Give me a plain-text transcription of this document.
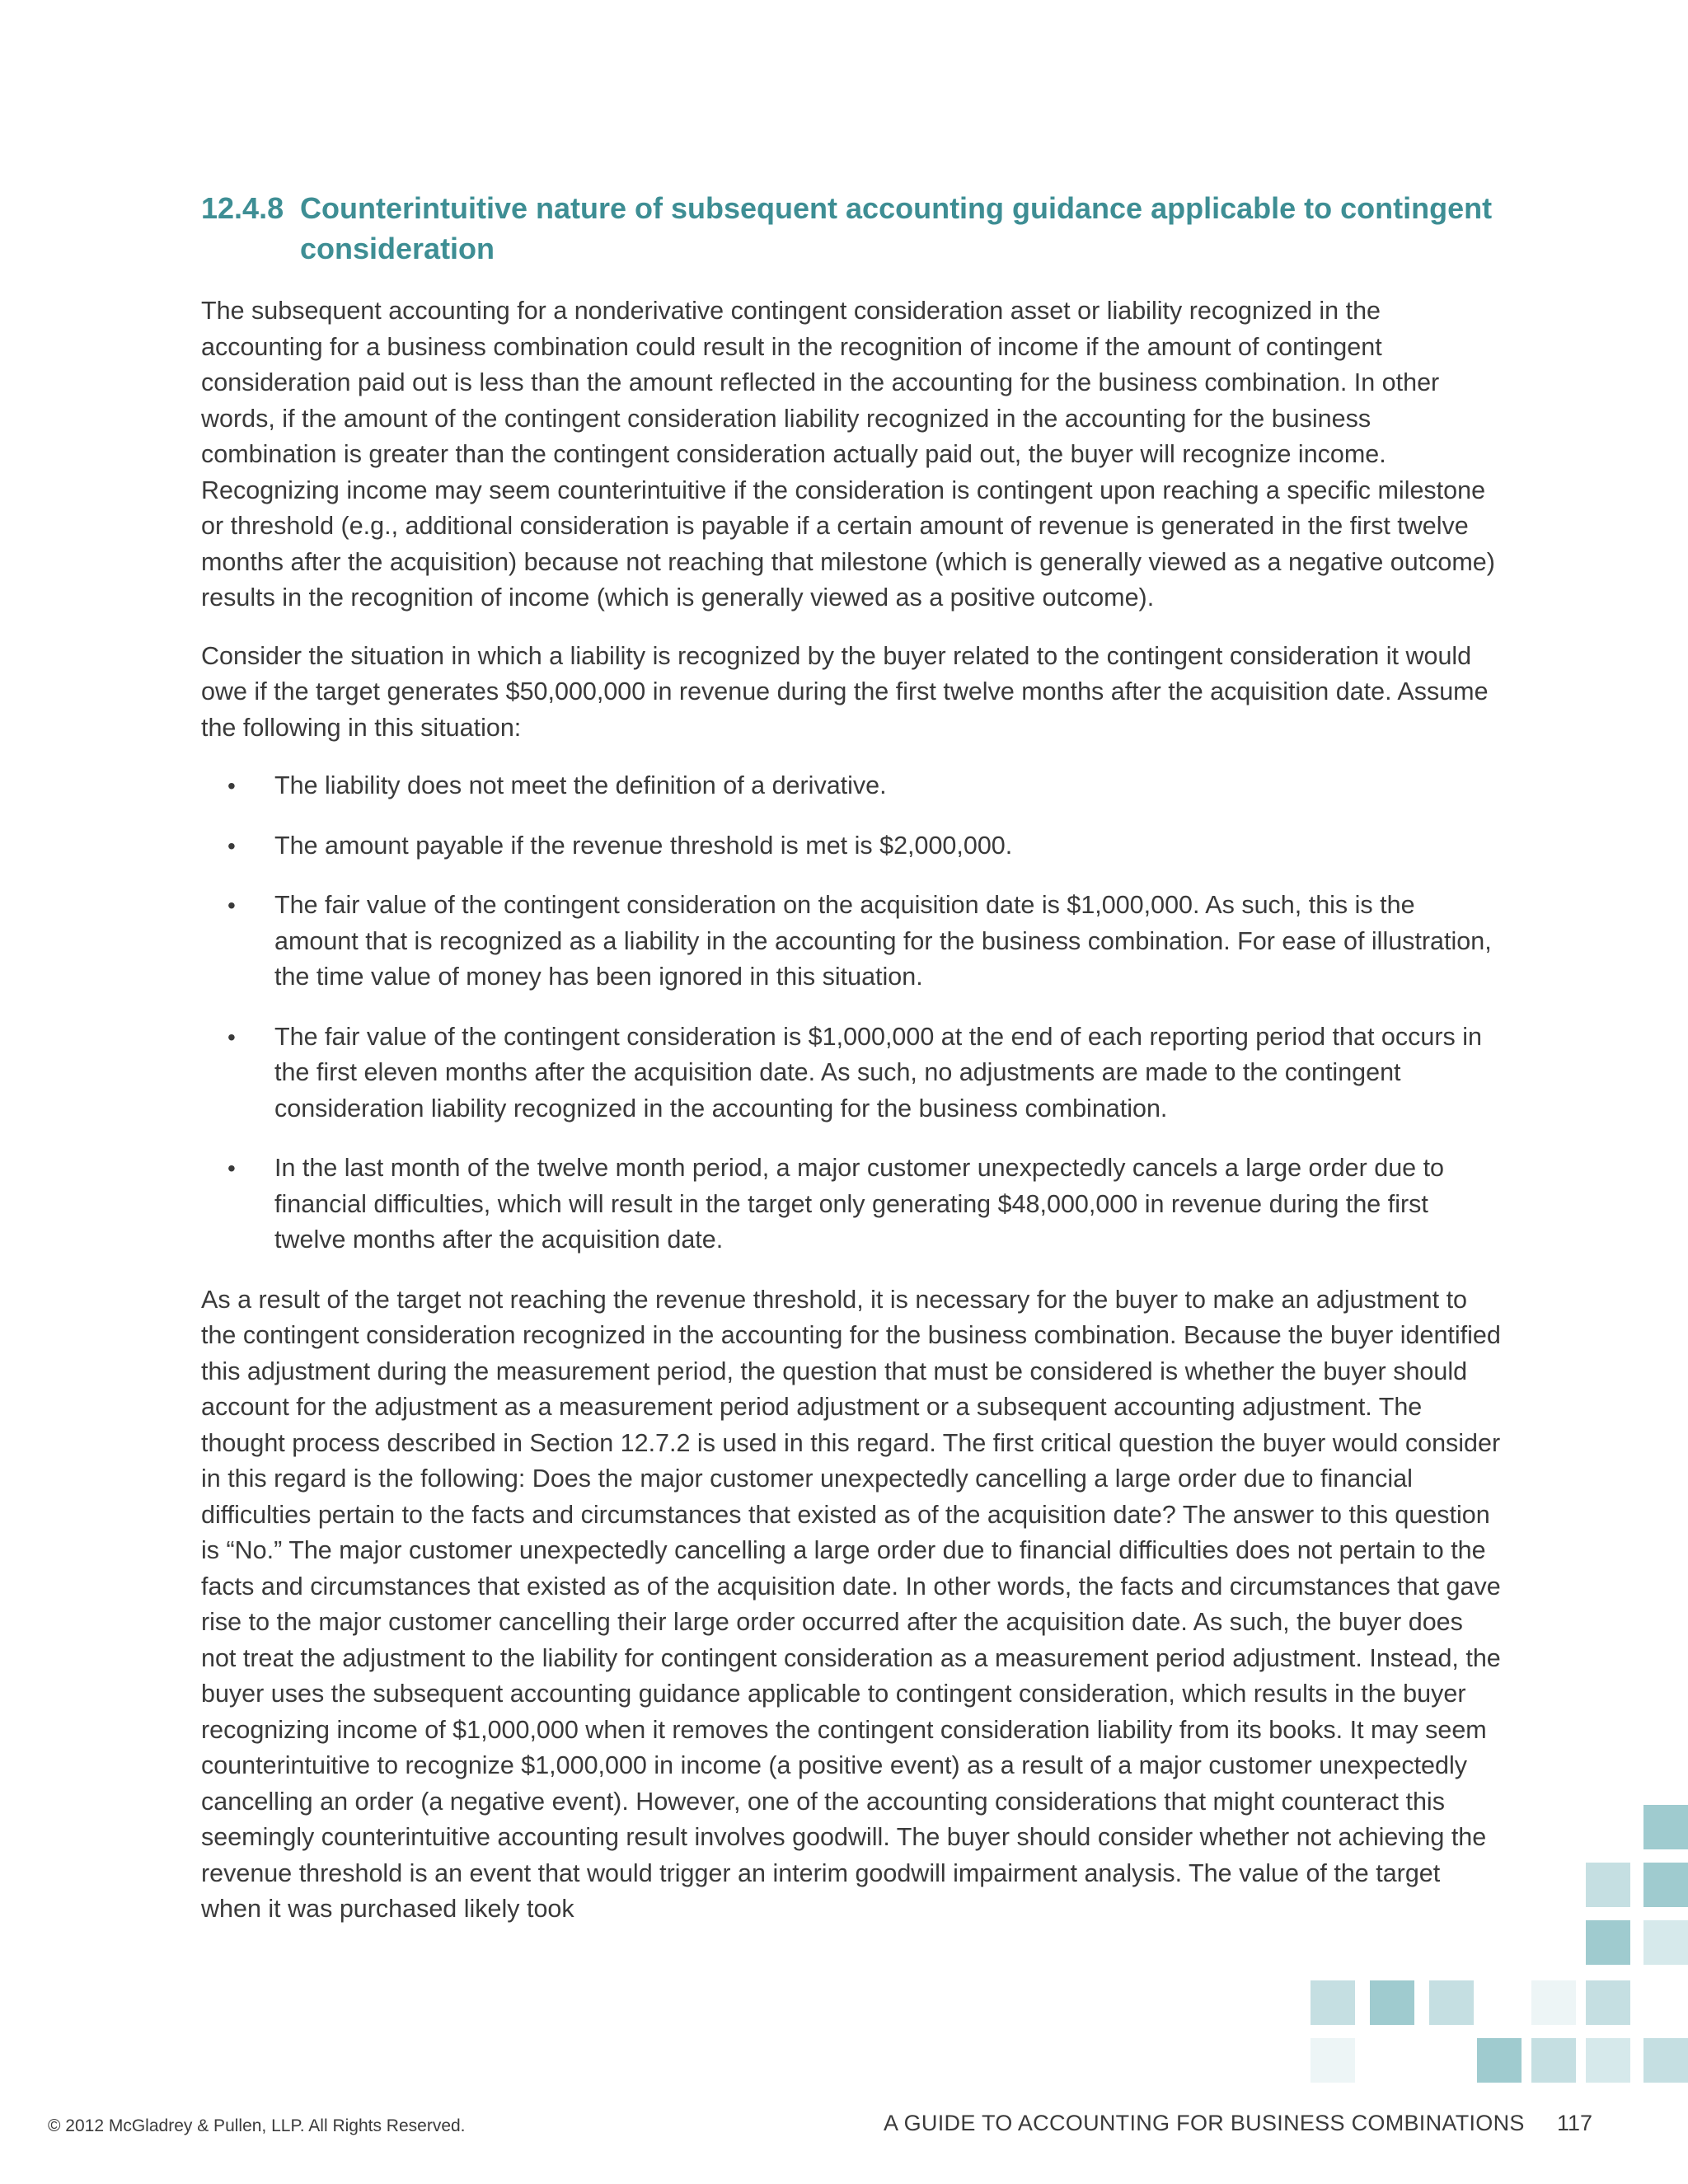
12.4.8 Counterintuitive nature of subsequent accounting guidance applicable to contingent consideration

The subsequent accounting for a nonderivative contingent consideration asset or liability recognized in the accounting for a business combination could result in the recognition of income if the amount of contingent consideration paid out is less than the amount reflected in the accounting for the business combination. In other words, if the amount of the contingent consideration liability recognized in the accounting for the business combination is greater than the contingent consideration actually paid out, the buyer will recognize income. Recognizing income may seem counterintuitive if the consideration is contingent upon reaching a specific milestone or threshold (e.g., additional consideration is payable if a certain amount of revenue is generated in the first twelve months after the acquisition) because not reaching that milestone (which is generally viewed as a negative outcome) results in the recognition of income (which is generally viewed as a positive outcome).

Consider the situation in which a liability is recognized by the buyer related to the contingent consideration it would owe if the target generates $50,000,000 in revenue during the first twelve months after the acquisition date. Assume the following in this situation:

• The liability does not meet the definition of a derivative.
• The amount payable if the revenue threshold is met is $2,000,000.
• The fair value of the contingent consideration on the acquisition date is $1,000,000. As such, this is the amount that is recognized as a liability in the accounting for the business combination. For ease of illustration, the time value of money has been ignored in this situation.
• The fair value of the contingent consideration is $1,000,000 at the end of each reporting period that occurs in the first eleven months after the acquisition date. As such, no adjustments are made to the contingent consideration liability recognized in the accounting for the business combination.
• In the last month of the twelve month period, a major customer unexpectedly cancels a large order due to financial difficulties, which will result in the target only generating $48,000,000 in revenue during the first twelve months after the acquisition date.

As a result of the target not reaching the revenue threshold, it is necessary for the buyer to make an adjustment to the contingent consideration recognized in the accounting for the business combination. Because the buyer identified this adjustment during the measurement period, the question that must be considered is whether the buyer should account for the adjustment as a measurement period adjustment or a subsequent accounting adjustment. The thought process described in Section 12.7.2 is used in this regard. The first critical question the buyer would consider in this regard is the following: Does the major customer unexpectedly cancelling a large order due to financial difficulties pertain to the facts and circumstances that existed as of the acquisition date? The answer to this question is “No.” The major customer unexpectedly cancelling a large order due to financial difficulties does not pertain to the facts and circumstances that existed as of the acquisition date. In other words, the facts and circumstances that gave rise to the major customer cancelling their large order occurred after the acquisition date. As such, the buyer does not treat the adjustment to the liability for contingent consideration as a measurement period adjustment. Instead, the buyer uses the subsequent accounting guidance applicable to contingent consideration, which results in the buyer recognizing income of $1,000,000 when it removes the contingent consideration liability from its books. It may seem counterintuitive to recognize $1,000,000 in income (a positive event) as a result of a major customer unexpectedly cancelling an order (a negative event). However, one of the accounting considerations that might counteract this seemingly counterintuitive accounting result involves goodwill. The buyer should consider whether not achieving the revenue threshold is an event that would trigger an interim goodwill impairment analysis. The value of the target when it was purchased likely took

© 2012 McGladrey & Pullen, LLP. All Rights Reserved.	A GUIDE TO ACCOUNTING FOR BUSINESS COMBINATIONS 117
